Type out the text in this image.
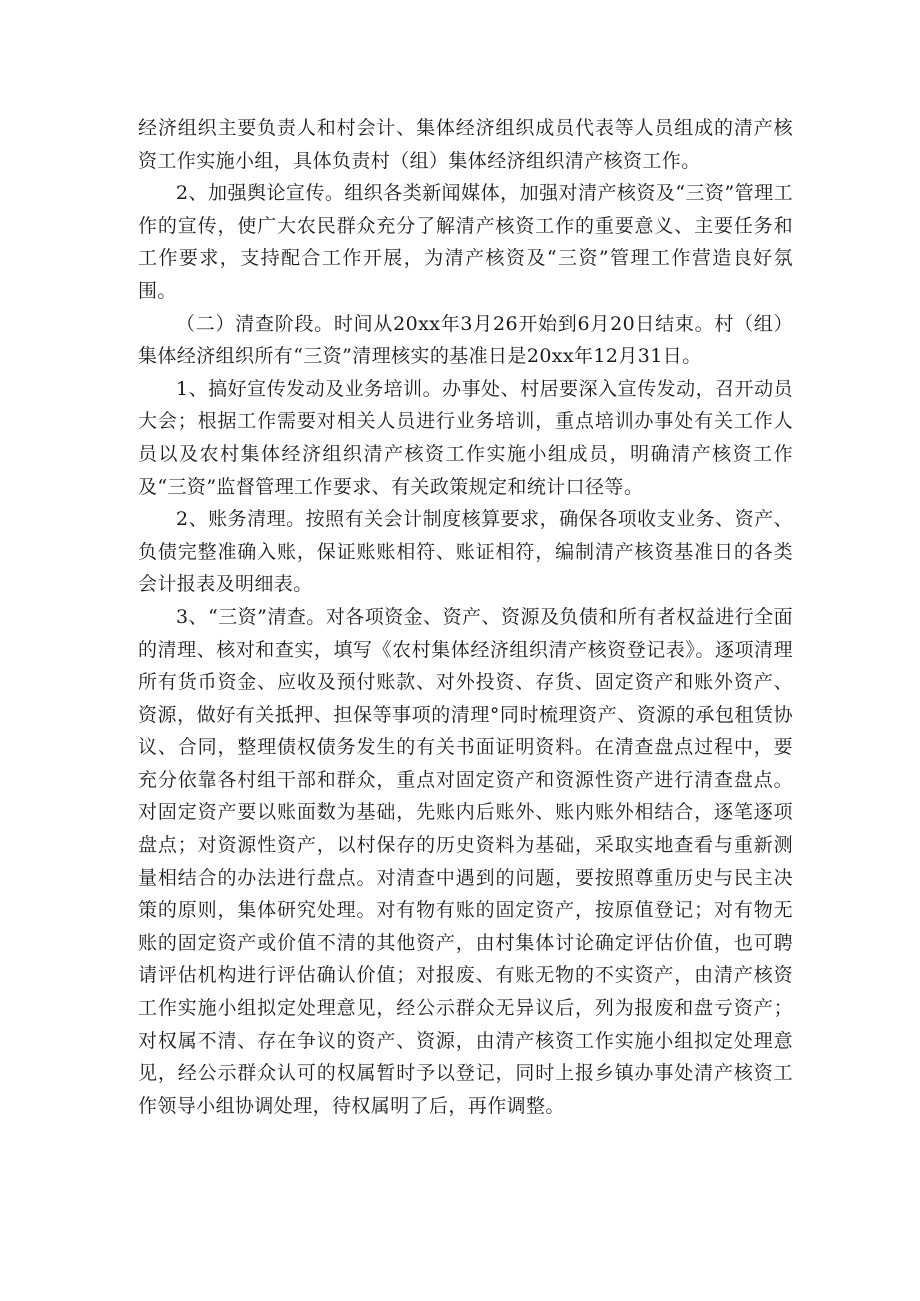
经济组织主要负责人和村会计、集体经济组织成员代表等人员组成的清产核资工作实施小组，具体负责村（组）集体经济组织清产核资工作。

2、加强舆论宣传。组织各类新闻媒体，加强对清产核资及“三资”管理工作的宣传，使广大农民群众充分了解清产核资工作的重要意义、主要任务和工作要求，支持配合工作开展，为清产核资及“三资”管理工作营造良好氛围。

（二）清查阶段。时间从20xx年3月26开始到6月20日结束。村（组）集体经济组织所有“三资”清理核实的基准日是20xx年12月31日。

1、搞好宣传发动及业务培训。办事处、村居要深入宣传发动，召开动员大会；根据工作需要对相关人员进行业务培训，重点培训办事处有关工作人员以及农村集体经济组织清产核资工作实施小组成员，明确清产核资工作及“三资”监督管理工作要求、有关政策规定和统计口径等。

2、账务清理。按照有关会计制度核算要求，确保各项收支业务、资产、负债完整准确入账，保证账账相符、账证相符，编制清产核资基准日的各类会计报表及明细表。

3、“三资”清查。对各项资金、资产、资源及负债和所有者权益进行全面的清理、核对和查实，填写《农村集体经济组织清产核资登记表》。逐项清理所有货币资金、应收及预付账款、对外投资、存货、固定资产和账外资产、资源，做好有关抵押、担保等事项的清理°同时梳理资产、资源的承包租赁协议、合同，整理债权债务发生的有关书面证明资料。在清查盘点过程中，要充分依靠各村组干部和群众，重点对固定资产和资源性资产进行清查盘点。对固定资产要以账面数为基础，先账内后账外、账内账外相结合，逐笔逐项盘点；对资源性资产，以村保存的历史资料为基础，采取实地查看与重新测量相结合的办法进行盘点。对清查中遇到的问题，要按照尊重历史与民主决策的原则，集体研究处理。对有物有账的固定资产，按原值登记；对有物无账的固定资产或价值不清的其他资产，由村集体讨论确定评估价值，也可聘请评估机构进行评估确认价值；对报废、有账无物的不实资产，由清产核资工作实施小组拟定处理意见，经公示群众无异议后，列为报废和盘亏资产；对权属不清、存在争议的资产、资源，由清产核资工作实施小组拟定处理意见，经公示群众认可的权属暂时予以登记，同时上报乡镇办事处清产核资工作领导小组协调处理，待权属明了后，再作调整。
